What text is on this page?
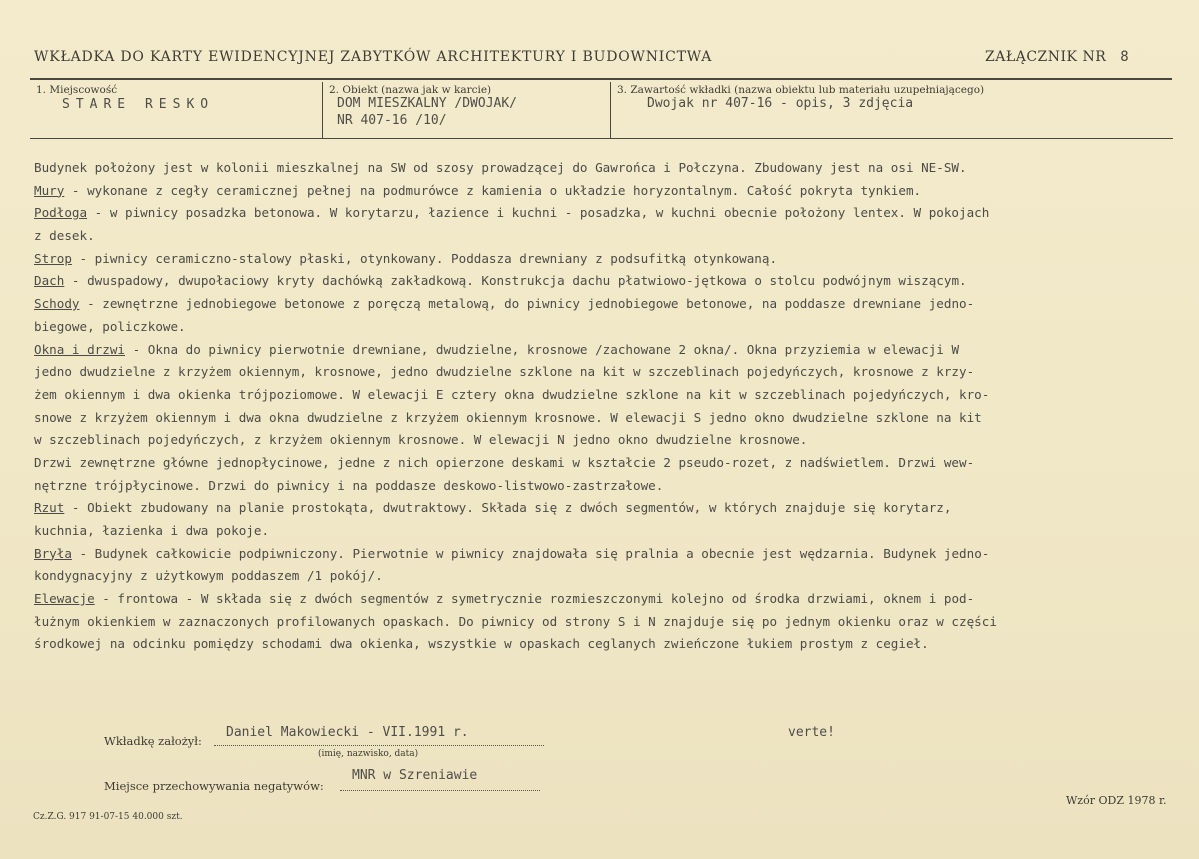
WKŁADKA DO KARTY EWIDENCYJNEJ ZABYTKÓW ARCHITEKTURY I BUDOWNICTWA	ZAŁĄCZNIK NR 8
1. Miejscowość
STARE RESKO
2. Obiekt (nazwa jak w karcie)
DOM MIESZKALNY /DWOJAK/
NR 407-16 /10/
3. Zawartość wkładki (nazwa obiektu lub materiału uzupełniającego)
Dwojak nr 407-16 - opis, 3 zdjęcia
Budynek położony jest w kolonii mieszkalnej na SW od szosy prowadzącej do Gawrońca i Połczyna. Zbudowany jest na osi NE-SW.
Mury - wykonane z cegły ceramicznej pełnej na podmurówce z kamienia o układzie horyzontalnym. Całość pokryta tynkiem.
Podłoga - w piwnicy posadzka betonowa. W korytarzu, łazience i kuchni - posadzka, w kuchni obecnie położony lentex. W pokojach
z desek.
Strop - piwnicy ceramiczno-stalowy płaski, otynkowany. Poddasza drewniany z podsufitką otynkowaną.
Dach - dwuspadowy, dwupołaciowy kryty dachówką zakładkową. Konstrukcja dachu płatwiowo-jętkowa o stolcu podwójnym wiszącym.
Schody - zewnętrzne jednobiegowe betonowe z poręczą metalową, do piwnicy jednobiegowe betonowe, na poddasze drewniane jedno-
biegowe, policzkowe.
Okna i drzwi - Okna do piwnicy pierwotnie drewniane, dwudzielne, krosnowe /zachowane 2 okna/. Okna przyziemia w elewacji W
jedno dwudzielne z krzyżem okiennym, krosnowe, jedno dwudzielne szklone na kit w szczeblinach pojedyńczych, krosnowe z krzy-
żem okiennym i dwa okienka trójpoziomowe. W elewacji E cztery okna dwudzielne szklone na kit w szczeblinach pojedyńczych, kro-
snowe z krzyżem okiennym i dwa okna dwudzielne z krzyżem okiennym krosnowe. W elewacji S jedno okno dwudzielne szklone na kit
w szczeblinach pojedyńczych, z krzyżem okiennym krosnowe. W elewacji N jedno okno dwudzielne krosnowe.
Drzwi zewnętrzne główne jednopłycinowe, jedne z nich opierzone deskami w kształcie 2 pseudo-rozet, z nadświetlem. Drzwi wew-
nętrzne trójpłycinowe. Drzwi do piwnicy i na poddasze deskowo-listwowo-zastrzałowe.
Rzut - Obiekt zbudowany na planie prostokąta, dwutraktowy. Składa się z dwóch segmentów, w których znajduje się korytarz,
kuchnia, łazienka i dwa pokoje.
Bryła - Budynek całkowicie podpiwniczony. Pierwotnie w piwnicy znajdowała się pralnia a obecnie jest wędzarnia. Budynek jedno-
kondygnacyjny z użytkowym poddaszem /1 pokój/.
Elewacje - frontowa - W składa się z dwóch segmentów z symetrycznie rozmieszczonymi kolejno od środka drzwiami, oknem i pod-
łużnym okienkiem w zaznaczonych profilowanych opaskach. Do piwnicy od strony S i N znajduje się po jednym okienku oraz w części
środkowej na odcinku pomiędzy schodami dwa okienka, wszystkie w opaskach ceglanych zwieńczone łukiem prostym z cegieł.
Wkładkę założył:
Daniel Makowiecki - VII.1991 r.
(imię, nazwisko, data)
verte!
Miejsce przechowywania negatywów:
MNR w Szreniawie
Cz.Z.G. 917 91-07-15 40.000 szt.
Wzór ODZ 1978 r.
